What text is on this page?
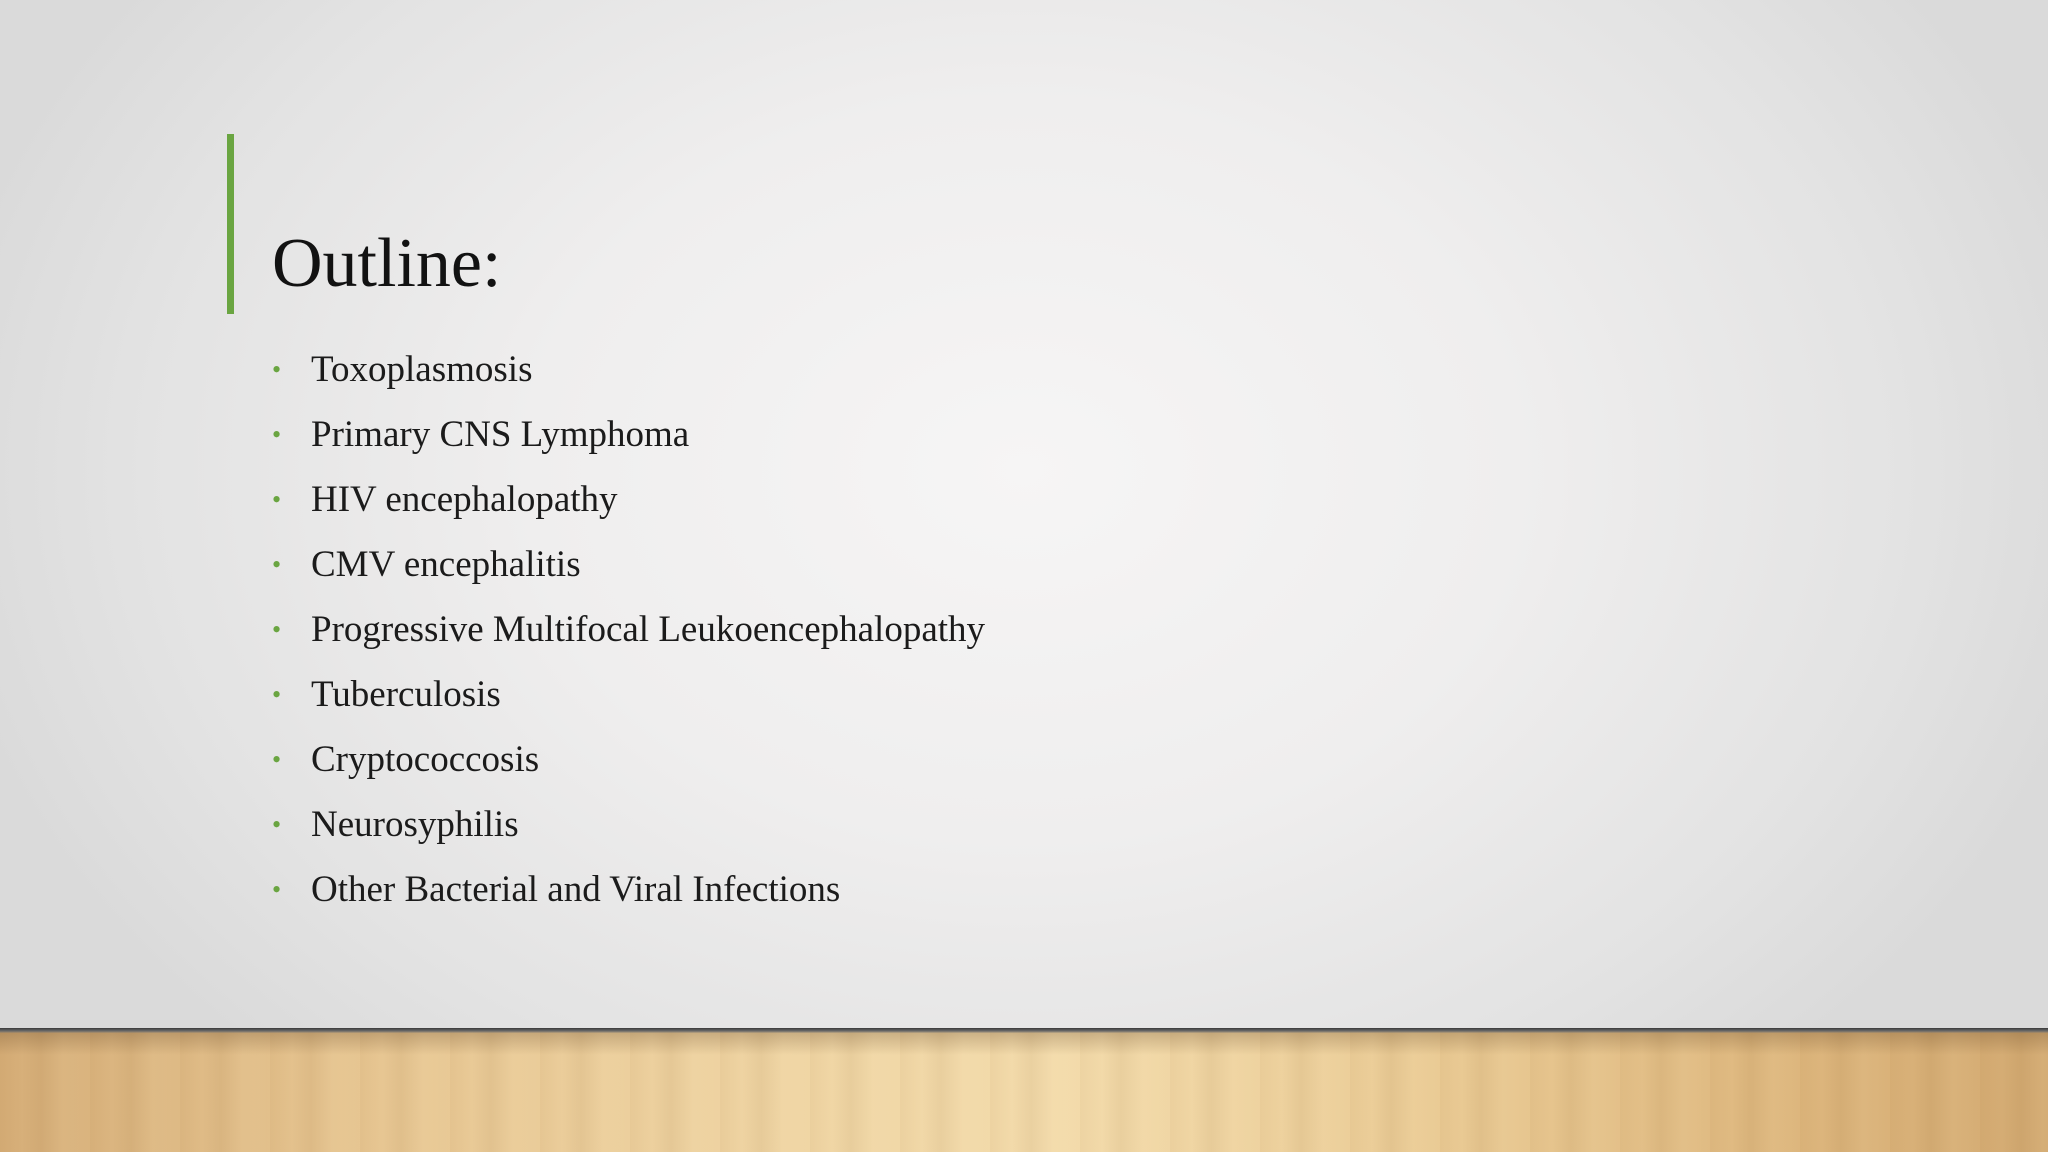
Outline:
• Toxoplasmosis
• Primary CNS Lymphoma
• HIV encephalopathy
• CMV encephalitis
• Progressive Multifocal Leukoencephalopathy
• Tuberculosis
• Cryptococcosis
• Neurosyphilis
• Other Bacterial and Viral Infections
